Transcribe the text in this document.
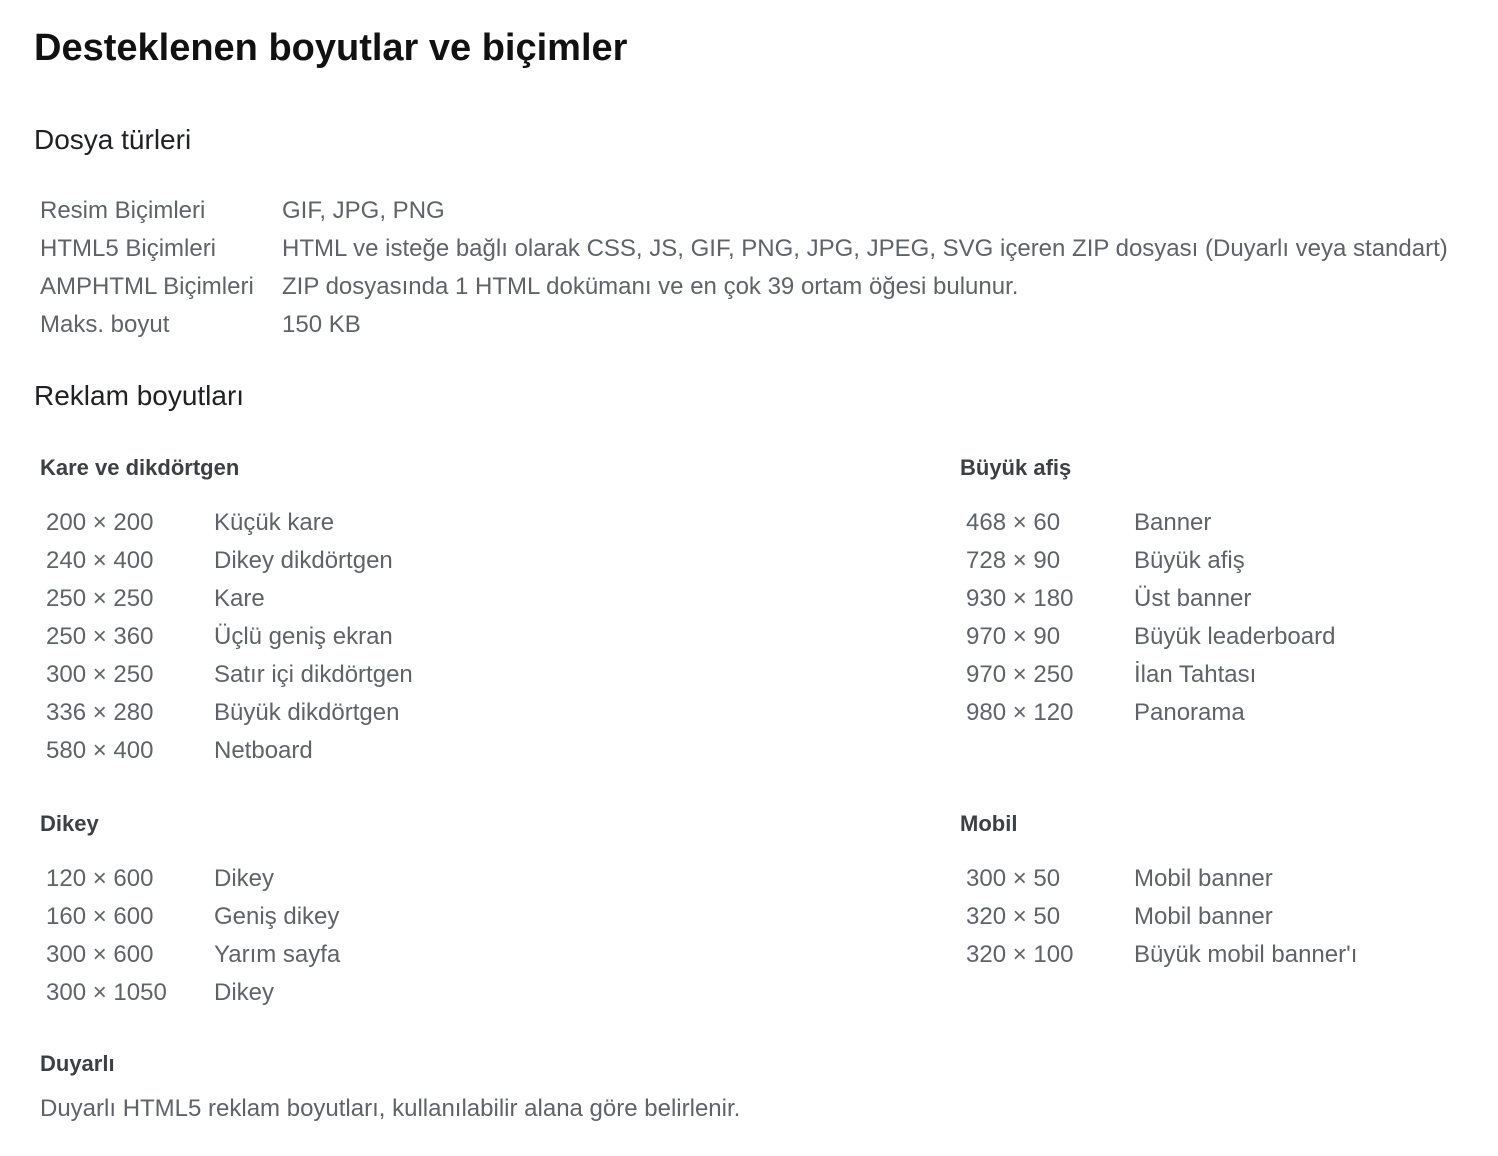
Desteklenen boyutlar ve biçimler
Dosya türleri
Resim Biçimleri	GIF, JPG, PNG
HTML5 Biçimleri	HTML ve isteğe bağlı olarak CSS, JS, GIF, PNG, JPG, JPEG, SVG içeren ZIP dosyası (Duyarlı veya standart)
AMPHTML Biçimleri	ZIP dosyasında 1 HTML dokümanı ve en çok 39 ortam öğesi bulunur.
Maks. boyut	150 KB
Reklam boyutları
Kare ve dikdörtgen
200 × 200	Küçük kare
240 × 400	Dikey dikdörtgen
250 × 250	Kare
250 × 360	Üçlü geniş ekran
300 × 250	Satır içi dikdörtgen
336 × 280	Büyük dikdörtgen
580 × 400	Netboard
Büyük afiş
468 × 60	Banner
728 × 90	Büyük afiş
930 × 180	Üst banner
970 × 90	Büyük leaderboard
970 × 250	İlan Tahtası
980 × 120	Panorama
Dikey
120 × 600	Dikey
160 × 600	Geniş dikey
300 × 600	Yarım sayfa
300 × 1050	Dikey
Mobil
300 × 50	Mobil banner
320 × 50	Mobil banner
320 × 100	Büyük mobil banner'ı
Duyarlı
Duyarlı HTML5 reklam boyutları, kullanılabilir alana göre belirlenir.
